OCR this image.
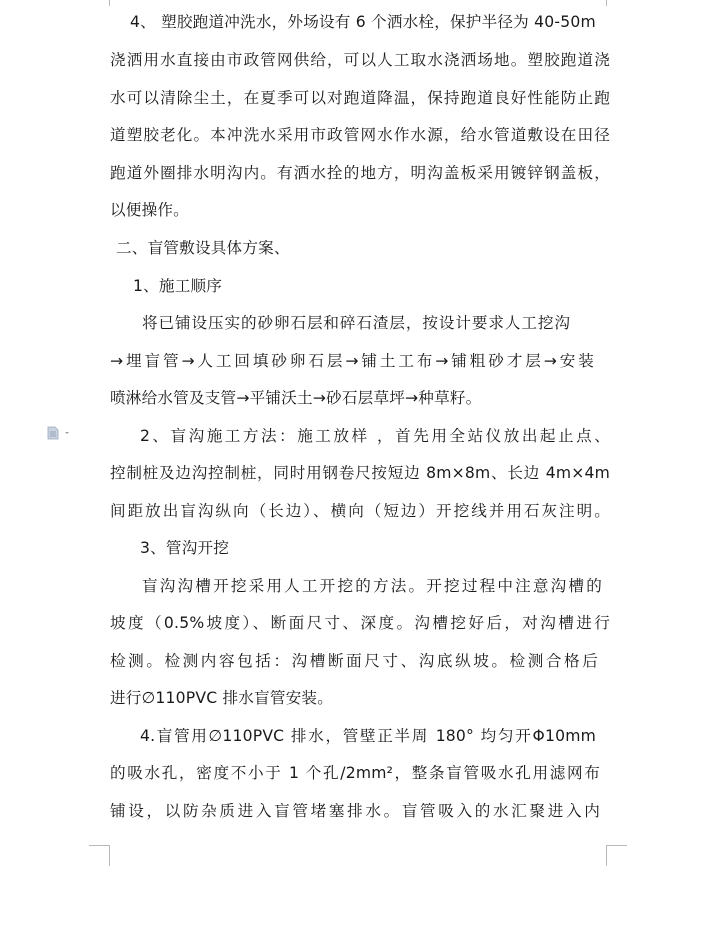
4、 塑胶跑道冲洗水，外场设有 6 个洒水栓，保护半径为 40-50m
浇洒用水直接由市政管网供给，可以人工取水浇洒场地。塑胶跑道浇
水可以清除尘土，在夏季可以对跑道降温，保持跑道良好性能防止跑
道塑胶老化。本冲洗水采用市政管网水作水源，给水管道敷设在田径
跑道外圈排水明沟内。有洒水拴的地方，明沟盖板采用镀锌钢盖板，
以便操作。
二、盲管敷设具体方案、
1、施工顺序
将已铺设压实的砂卵石层和碎石渣层，按设计要求人工挖沟
→埋盲管→人工回填砂卵石层→铺土工布→铺粗砂才层→安装
喷淋给水管及支管→平铺沃土→砂石层草坪→种草籽。
2、盲沟施工方法：施工放样 ，首先用全站仪放出起止点、
控制桩及边沟控制桩，同时用钢卷尺按短边 8m×8m、长边 4m×4m
间距放出盲沟纵向（长边）、横向（短边）开挖线并用石灰注明。
3、管沟开挖
盲沟沟槽开挖采用人工开挖的方法。开挖过程中注意沟槽的
坡度（0.5%坡度）、断面尺寸、深度。沟槽挖好后，对沟槽进行
检测。检测内容包括：沟槽断面尺寸、沟底纵坡。检测合格后
进行∅110PVC 排水盲管安装。
4.盲管用∅110PVC 排水，管壁正半周 180° 均匀开Φ10mm
的吸水孔，密度不小于 1 个孔/2mm²，整条盲管吸水孔用滤网布
铺设，以防杂质进入盲管堵塞排水。盲管吸入的水汇聚进入内
